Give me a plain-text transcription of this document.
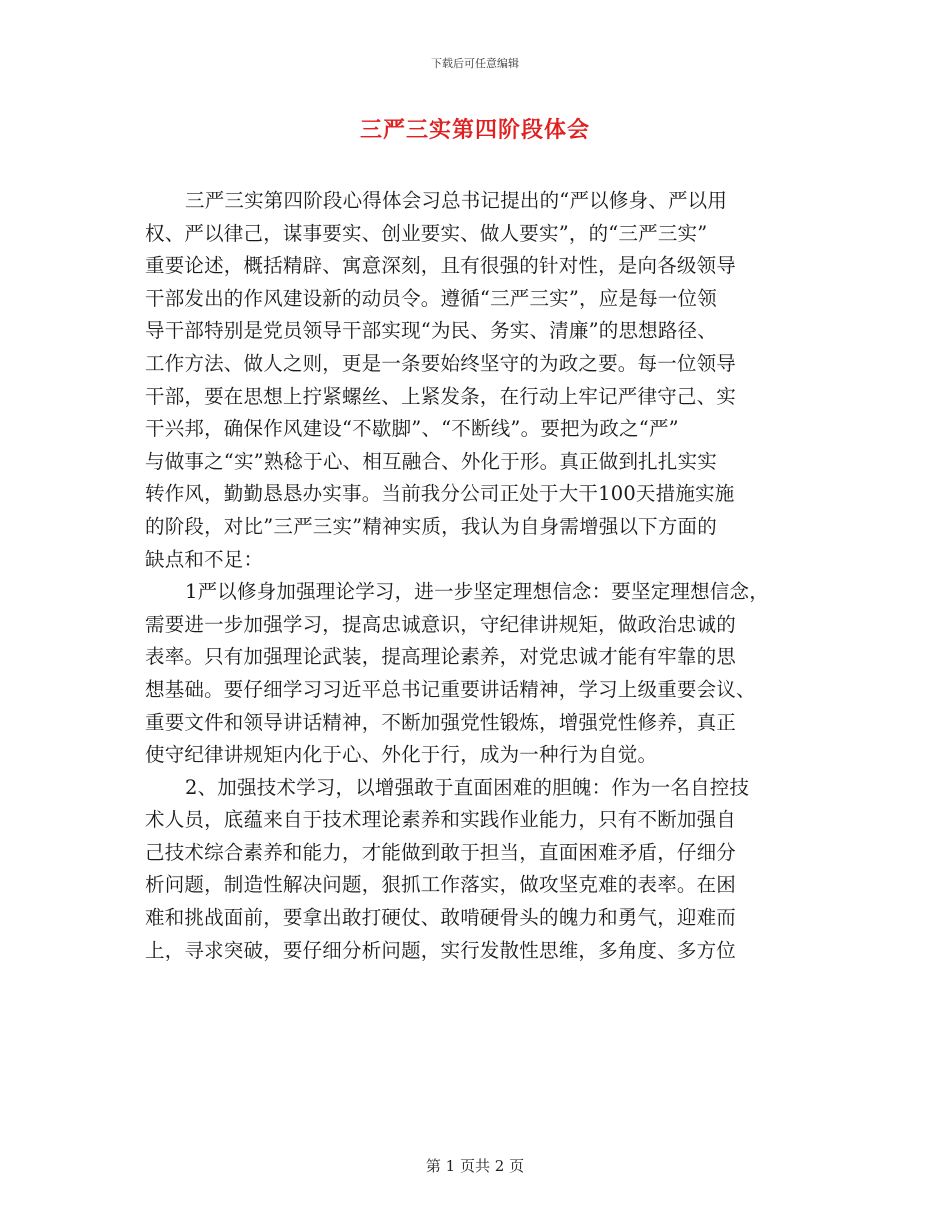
下载后可任意编辑
三严三实第四阶段体会
三严三实第四阶段心得体会习总书记提出的“严以修身、严以用
权、严以律己，谋事要实、创业要实、做人要实”，的“三严三实”
重要论述，概括精辟、寓意深刻，且有很强的针对性，是向各级领导
干部发出的作风建设新的动员令。遵循“三严三实”，应是每一位领
导干部特别是党员领导干部实现“为民、务实、清廉”的思想路径、
工作方法、做人之则，更是一条要始终坚守的为政之要。每一位领导
干部，要在思想上拧紧螺丝、上紧发条，在行动上牢记严律守己、实
干兴邦，确保作风建设“不歇脚”、“不断线”。要把为政之“严”
与做事之“实”熟稔于心、相互融合、外化于形。真正做到扎扎实实
转作风，勤勤恳恳办实事。当前我分公司正处于大干100天措施实施
的阶段，对比”三严三实”精神实质，我认为自身需增强以下方面的
缺点和不足：
1严以修身加强理论学习，进一步坚定理想信念：要坚定理想信念，
需要进一步加强学习，提高忠诚意识，守纪律讲规矩，做政治忠诚的
表率。只有加强理论武装，提高理论素养，对党忠诚才能有牢靠的思
想基础。要仔细学习习近平总书记重要讲话精神，学习上级重要会议、
重要文件和领导讲话精神，不断加强党性锻炼，增强党性修养，真正
使守纪律讲规矩内化于心、外化于行，成为一种行为自觉。
2、加强技术学习，以增强敢于直面困难的胆魄：作为一名自控技
术人员，底蕴来自于技术理论素养和实践作业能力，只有不断加强自
己技术综合素养和能力，才能做到敢于担当，直面困难矛盾，仔细分
析问题，制造性解决问题，狠抓工作落实，做攻坚克难的表率。在困
难和挑战面前，要拿出敢打硬仗、敢啃硬骨头的魄力和勇气，迎难而
上，寻求突破，要仔细分析问题，实行发散性思维，多角度、多方位
第 1 页共 2 页
